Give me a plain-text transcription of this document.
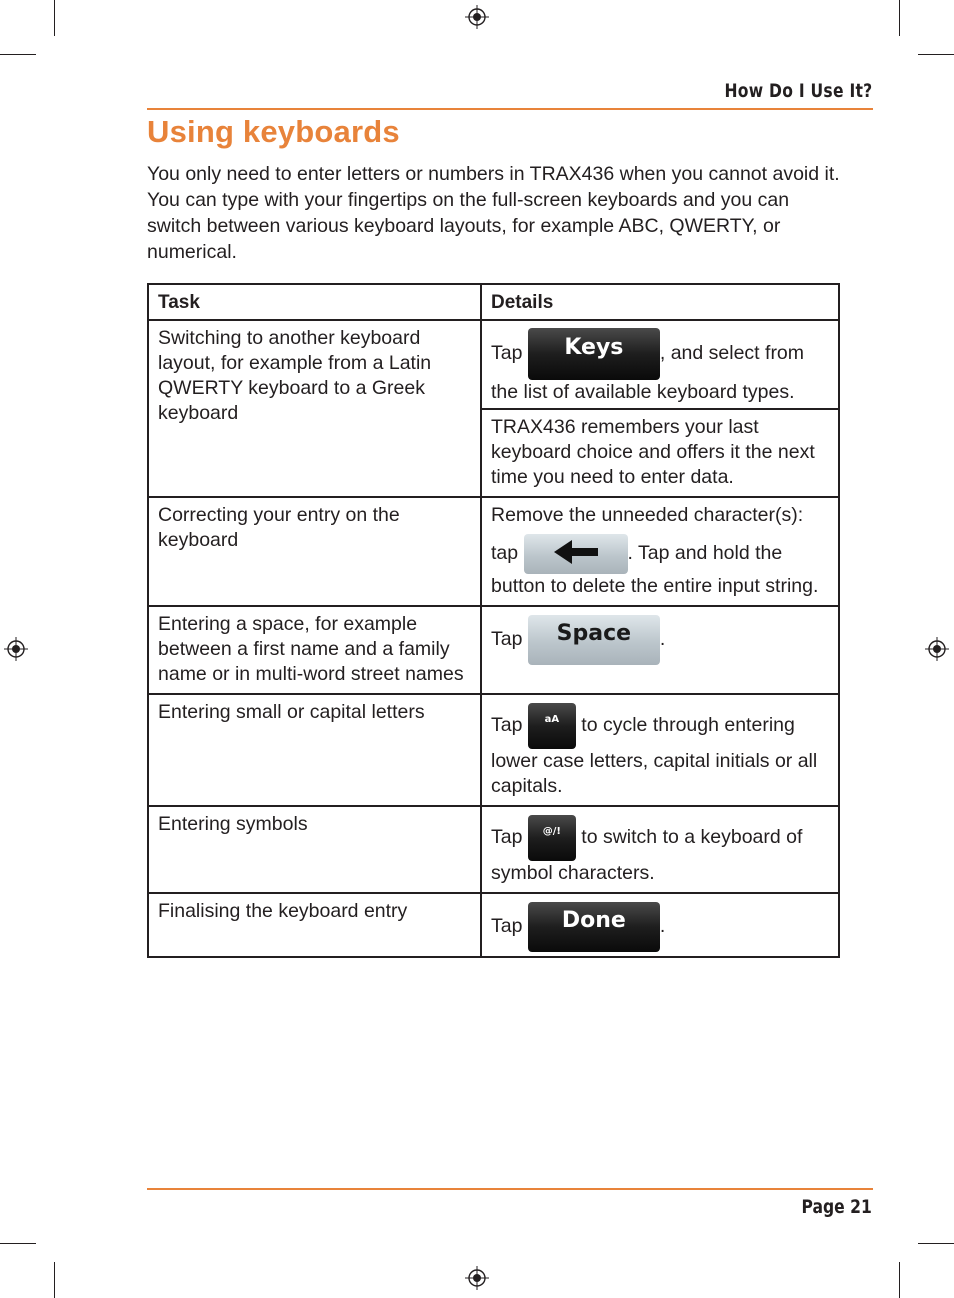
How Do I Use It?
Using keyboards

You only need to enter letters or numbers in TRAX436 when you cannot avoid it. You can type with your fingertips on the full-screen keyboards and you can switch between various keyboard layouts, for example ABC, QWERTY, or numerical.

Task	Details
Switching to another keyboard layout, for example from a Latin QWERTY keyboard to a Greek keyboard	Tap Keys , and select from the list of available keyboard types.
	TRAX436 remembers your last keyboard choice and offers it the next time you need to enter data.
Correcting your entry on the keyboard	Remove the unneeded character(s):
tap . Tap and hold the button to delete the entire input string.
Entering a space, for example between a first name and a family name or in multi-word street names	Tap Space .
Entering small or capital letters	Tap aA to cycle through entering lower case letters, capital initials or all capitals.
Entering symbols	Tap @/! to switch to a keyboard of symbol characters.
Finalising the keyboard entry	Tap Done .
Page 21
